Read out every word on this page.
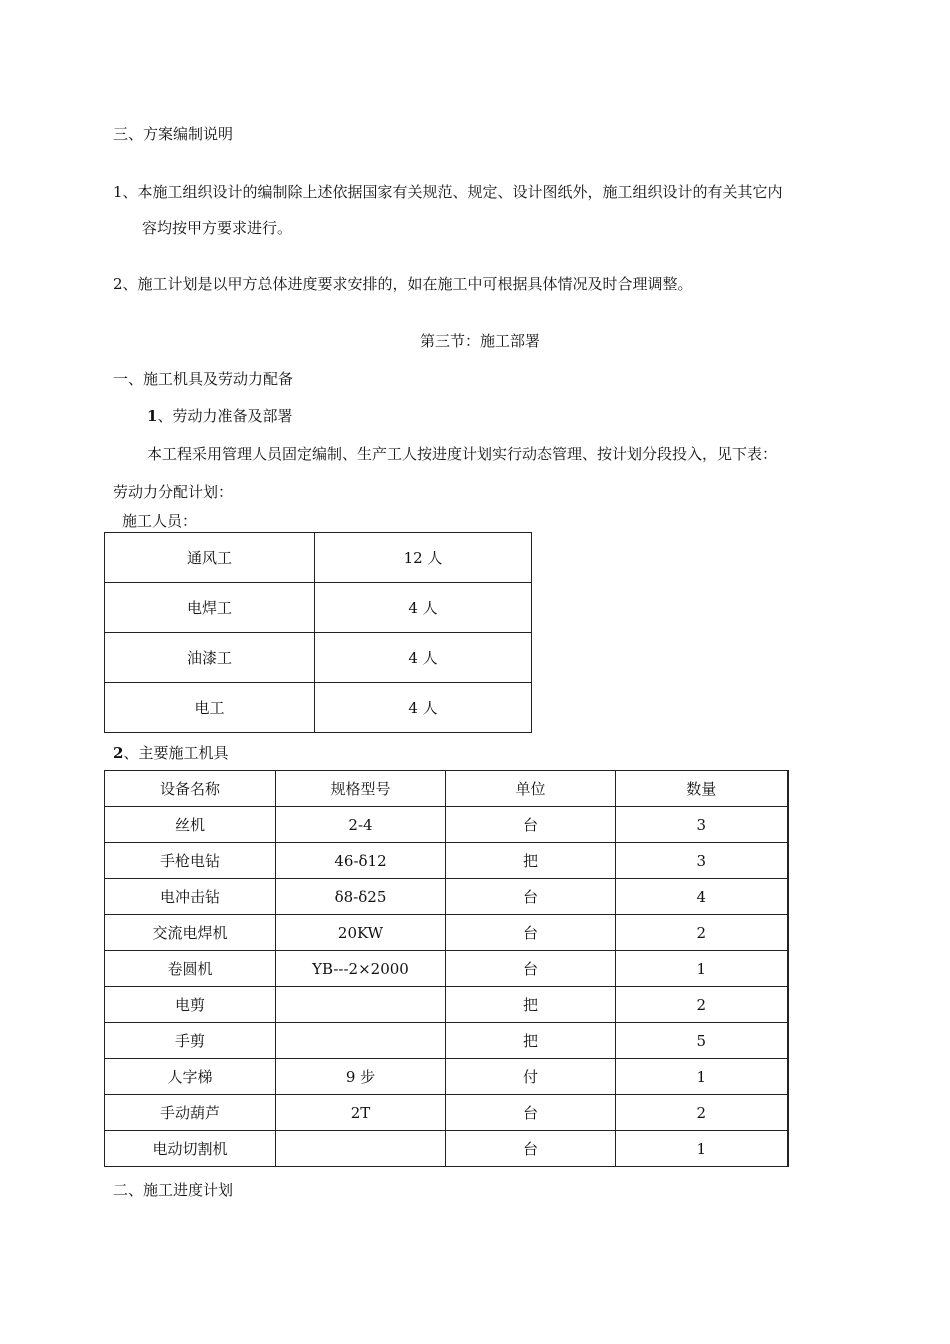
三、方案编制说明
1、本施工组织设计的编制除上述依据国家有关规范、规定、设计图纸外，施工组织设计的有关其它内
容均按甲方要求进行。
2、施工计划是以甲方总体进度要求安排的，如在施工中可根据具体情况及时合理调整。
第三节：施工部署
一、施工机具及劳动力配备
1、劳动力准备及部署
本工程采用管理人员固定编制、生产工人按进度计划实行动态管理、按计划分段投入，见下表：
劳动力分配计划：
施工人员：
通风工	12 人
电焊工	4 人
油漆工	4 人
电工	4 人
2、主要施工机具
设备名称	规格型号	单位	数量
丝机	2-4	台	3
手枪电钻	46-δ12	把	3
电冲击钻	δ8-δ25	台	4
交流电焊机	20KW	台	2
卷圆机	YB---2×2000	台	1
电剪		把	2
手剪		把	5
人字梯	9 步	付	1
手动葫芦	2T	台	2
电动切割机		台	1
二、施工进度计划
